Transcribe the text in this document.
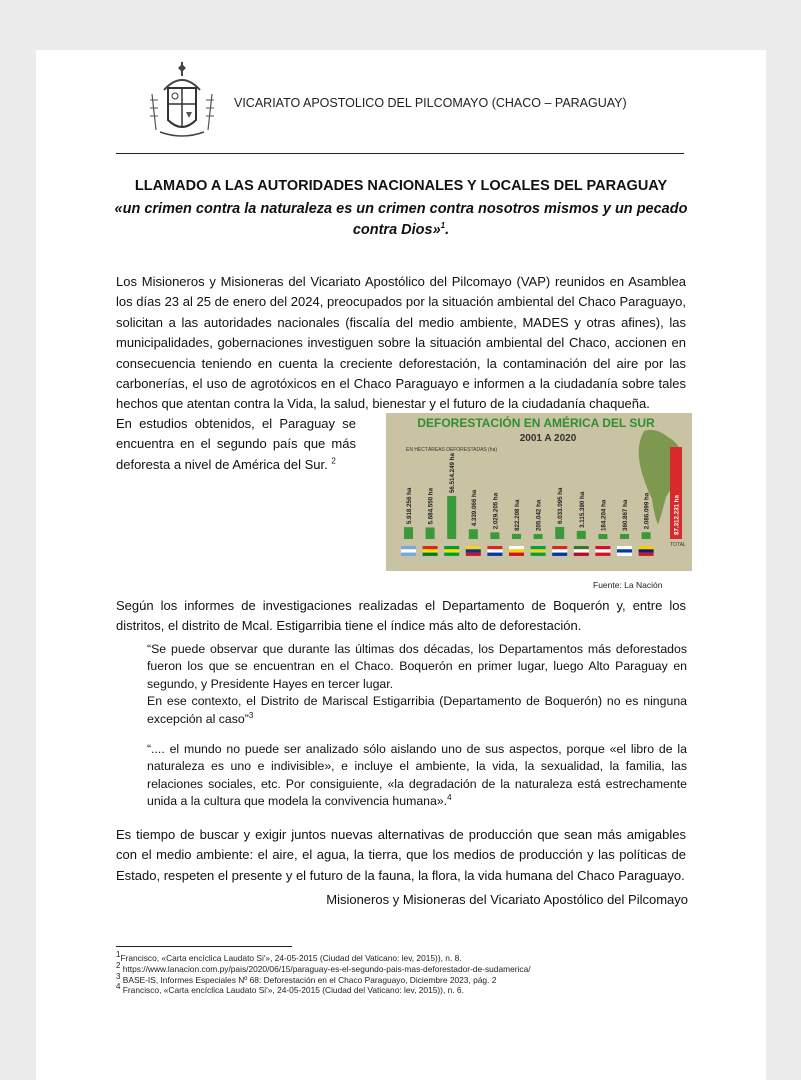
VICARIATO APOSTOLICO DEL PILCOMAYO (CHACO – PARAGUAY)
LLAMADO A LAS AUTORIDADES NACIONALES Y LOCALES DEL PARAGUAY
«un crimen contra la naturaleza es un crimen contra nosotros mismos y un pecado contra Dios»$^1$.
Los Misioneros y Misioneras del Vicariato Apostólico del Pilcomayo (VAP) reunidos en Asamblea los días 23 al 25 de enero del 2024, preocupados por la situación ambiental del Chaco Paraguayo, solicitan a las autoridades nacionales (fiscalía del medio ambiente, MADES y otras afines), las municipalidades, gobernaciones investiguen sobre la situación ambiental del Chaco, accionen en consecuencia teniendo en cuenta la creciente deforestación, la contaminación del aire por las carbonerías, el uso de agrotóxicos en el Chaco Paraguayo e informen a la ciudadanía sobre tales hechos que atentan contra la Vida, la salud, bienestar y el futuro de la ciudadanía chaqueña.
En estudios obtenidos, el Paraguay se encuentra en el segundo país que más deforesta a nivel de América del Sur. $^2$
DEFORESTACIÓN EN AMÉRICA DEL SUR
2001 A 2020
EN HECTÁREAS DEFORESTADAS (ha)
5.918.256 ha 5.684.550 ha
56.514.249 ha
4.339.066 ha 2.029.205 ha 822.208 ha 205.042 ha 6.033.095 ha 3.115.390 ha 184.204 ha 360.867 ha 2.086.099 ha	87.312.231 ha
TOTAL
Fuente: La Nación
Según los informes de investigaciones realizadas el Departamento de Boquerón y, entre los distritos, el distrito de Mcal. Estigarribia tiene el índice más alto de deforestación.
“Se puede observar que durante las últimas dos décadas, los Departamentos más deforestados fueron los que se encuentran en el Chaco. Boquerón en primer lugar, luego Alto Paraguay en segundo, y Presidente Hayes en tercer lugar.
En ese contexto, el Distrito de Mariscal Estigarribia (Departamento de Boquerón) no es ninguna excepción al caso”$^3$
“.... el mundo no puede ser analizado sólo aislando uno de sus aspectos, porque «el libro de la naturaleza es uno e indivisible», e incluye el ambiente, la vida, la sexualidad, la familia, las relaciones sociales, etc. Por consiguiente, «la degradación de la naturaleza está estrechamente unida a la cultura que modela la convivencia humana».$^4$
Es tiempo de buscar y exigir juntos nuevas alternativas de producción que sean más amigables con el medio ambiente: el aire, el agua, la tierra, que los medios de producción y las políticas de Estado, respeten el presente y el futuro de la fauna, la flora, la vida humana del Chaco Paraguayo.
Misioneros y Misioneras del Vicariato Apostólico del Pilcomayo
$^1$Francisco, «Carta encíclica Laudato Si'», 24-05-2015 (Ciudad del Vaticano: lev, 2015)), n. 8.
$^2$ https://www.lanacion.com.py/pais/2020/06/15/paraguay-es-el-segundo-pais-mas-deforestador-de-sudamerica/
$^3$ BASE-IS, Informes Especiales Nº 68: Deforestación en el Chaco Paraguayo, Diciembre 2023, pág. 2
$^4$ Francisco, «Carta encíclica Laudato Si'», 24-05-2015 (Ciudad del Vaticano: lev, 2015)), n. 6.
